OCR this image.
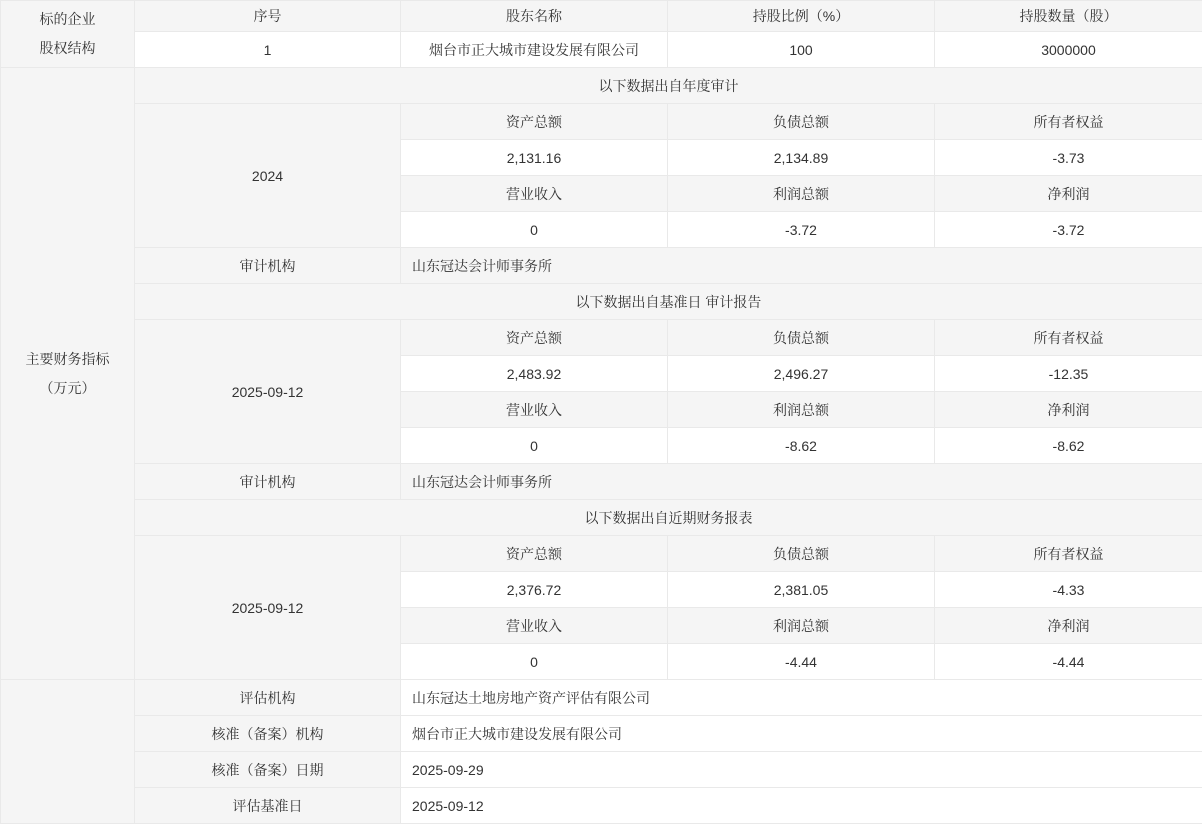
标的企业
股权结构	序号	股东名称	持股比例（%）	持股数量（股）
	1	烟台市正大城市建设发展有限公司	100	3000000

主要财务指标
（万元）	以下数据出自年度审计			
	2024	资产总额	负债总额	所有者权益
		2,131.16	2,134.89	-3.73
		营业收入	利润总额	净利润
		0	-3.72	-3.72
	审计机构	山东冠达会计师事务所		
	以下数据出自基准日 审计报告			
	2025-09-12	资产总额	负债总额	所有者权益
		2,483.92	2,496.27	-12.35
		营业收入	利润总额	净利润
		0	-8.62	-8.62
	审计机构	山东冠达会计师事务所		
	以下数据出自近期财务报表			
	2025-09-12	资产总额	负债总额	所有者权益
		2,376.72	2,381.05	-4.33
		营业收入	利润总额	净利润
		0	-4.44	-4.44
	评估机构	山东冠达土地房地产资产评估有限公司		
	核准（备案）机构	烟台市正大城市建设发展有限公司		
	核准（备案）日期	2025-09-29		
	评估基准日	2025-09-12		
